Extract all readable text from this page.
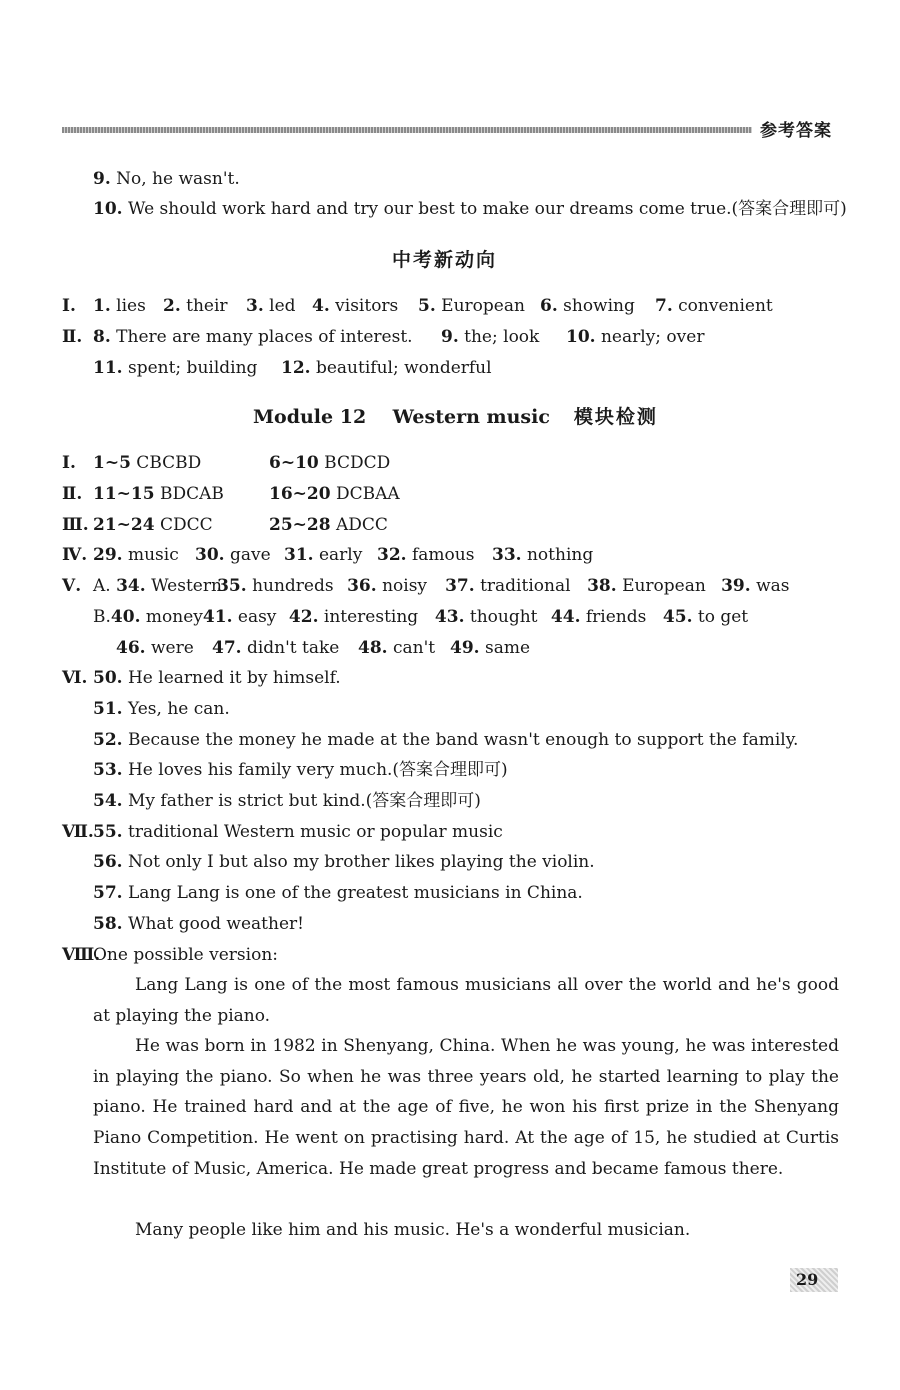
参考答案
9. No, he wasn't.
10. We should work hard and try our best to make our dreams come true.(答案合理即可)
中考新动向
Ⅰ. 1. lies 2. their 3. led 4. visitors 5. European 6. showing 7. convenient
Ⅱ. 8. There are many places of interest. 9. the; look 10. nearly; over
11. spent; building 12. beautiful; wonderful
Module 12    Western music 模块检测
Ⅰ. 1~5 CBCBD	6~10 BCDCD
Ⅱ. 11~15 BDCAB	16~20 DCBAA
Ⅲ. 21~24 CDCC	25~28 ADCC
Ⅳ. 29. music 30. gave 31. early 32. famous 33. nothing
Ⅴ. A. 34. Western35. hundreds 36. noisy 37. traditional 38. European 39. was
B.40. money41. easy 42. interesting 43. thought 44. friends 45. to get
46. were 47. didn't take 48. can't 49. same
Ⅵ. 50. He learned it by himself.
51. Yes, he can.
52. Because the money he made at the band wasn't enough to support the family.
53. He loves his family very much.(答案合理即可)
54. My father is strict but kind.(答案合理即可)
Ⅶ.55. traditional Western music or popular music
56. Not only I but also my brother likes playing the violin.
57. Lang Lang is one of the greatest musicians in China.
58. What good weather!
Ⅷ.One possible version:
Lang Lang is one of the most famous musicians all over the world and he's good at playing the piano.
He was born in 1982 in Shenyang, China. When he was young, he was interested in playing the piano. So when he was three years old, he started learning to play the piano. He trained hard and at the age of five, he won his first prize in the Shenyang Piano Competition. He went on practising hard. At the age of 15, he studied at Curtis Institute of Music, America. He made great progress and became famous there.
Many people like him and his music. He's a wonderful musician.
29
